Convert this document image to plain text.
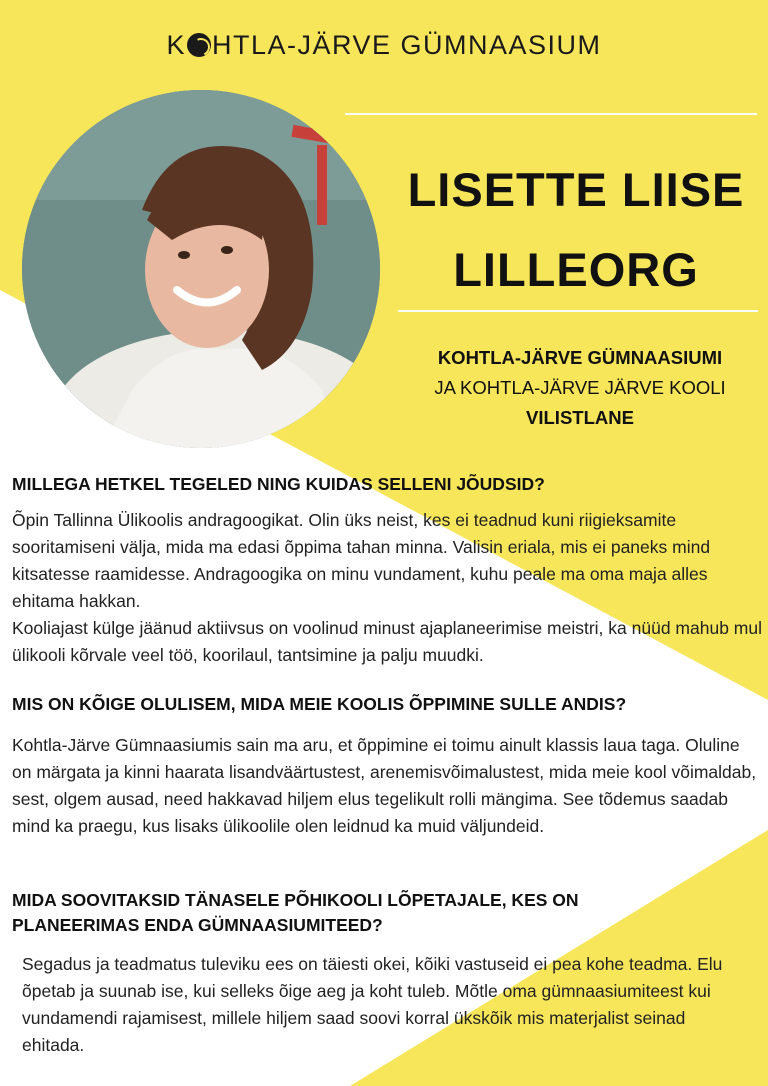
K HTLA-JÄRVE GÜMNAASIUM
LISETTE LIISE
LILLEORG
KOHTLA-JÄRVE GÜMNAASIUMI
JA KOHTLA-JÄRVE JÄRVE KOOLI
VILISTLANE
MILLEGA HETKEL TEGELED NING KUIDAS SELLENI JÕUDSID?

Õpin Tallinna Ülikoolis andragoogikat. Olin üks neist, kes ei teadnud kuni riigieksamite sooritamiseni välja, mida ma edasi õppima tahan minna. Valisin eriala, mis ei paneks mind kitsatesse raamidesse. Andragoogika on minu vundament, kuhu peale ma oma maja alles ehitama hakkan.

Kooliajast külge jäänud aktiivsus on voolinud minust ajaplaneerimise meistri, ka nüüd mahub mul ülikooli kõrvale veel töö, koorilaul, tantsimine ja palju muudki.

MIS ON KÕIGE OLULISEM, MIDA MEIE KOOLIS ÕPPIMINE SULLE ANDIS?

Kohtla-Järve Gümnaasiumis sain ma aru, et õppimine ei toimu ainult klassis laua taga. Oluline on märgata ja kinni haarata lisandväärtustest, arenemisvõimalustest, mida meie kool võimaldab, sest, olgem ausad, need hakkavad hiljem elus tegelikult rolli mängima. See tõdemus saadab mind ka praegu, kus lisaks ülikoolile olen leidnud ka muid väljundeid.

MIDA SOOVITAKSID TÄNASELE PÕHIKOOLI LÕPETAJALE, KES ON PLANEERIMAS ENDA GÜMNAASIUMITEED?

Segadus ja teadmatus tuleviku ees on täiesti okei, kõiki vastuseid ei pea kohe teadma. Elu õpetab ja suunab ise, kui selleks õige aeg ja koht tuleb. Mõtle oma gümnaasiumiteest kui vundamendi rajamisest, millele hiljem saad soovi korral ükskõik mis materjalist seinad ehitada.
